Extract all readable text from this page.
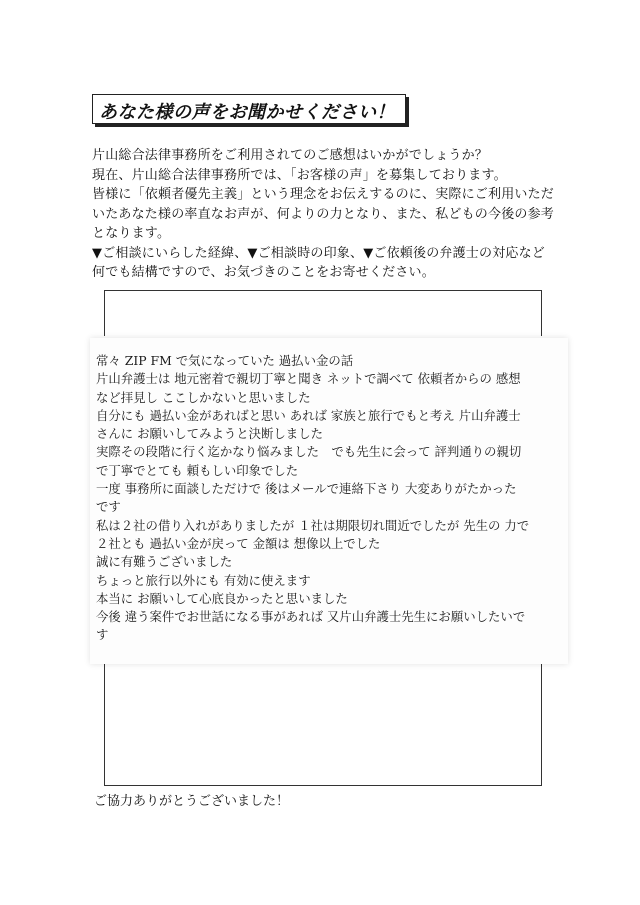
あなた様の声をお聞かせください！
片山総合法律事務所をご利用されてのご感想はいかがでしょうか？
現在、片山総合法律事務所では、「お客様の声」を募集しております。
皆様に「依頼者優先主義」という理念をお伝えするのに、実際にご利用いただ
いたあなた様の率直なお声が、何よりの力となり、また、私どもの今後の参考
となります。
▼ご相談にいらした経緯、▼ご相談時の印象、▼ご依頼後の弁護士の対応など
何でも結構ですので、お気づきのことをお寄せください。
常々 ZIP FM で気になっていた 過払い金の話
片山弁護士は 地元密着で親切丁寧と聞き ネットで調べて 依頼者からの 感想
など拝見し ここしかないと思いました
自分にも 過払い金があればと思い あれば 家族と旅行でもと考え 片山弁護士
さんに お願いしてみようと決断しました
実際その段階に行く迄かなり悩みました　でも先生に会って 評判通りの親切
で丁寧でとても 頼もしい印象でした
一度 事務所に面談しただけで 後はメールで連絡下さり 大変ありがたかった
です
私は２社の借り入れがありましたが １社は期限切れ間近でしたが 先生の 力で
２社とも 過払い金が戻って 金額は 想像以上でした
誠に有難うございました
ちょっと旅行以外にも 有効に使えます
本当に お願いして心底良かったと思いました
今後 違う案件でお世話になる事があれば 又片山弁護士先生にお願いしたいで
す
ご協力ありがとうございました！
